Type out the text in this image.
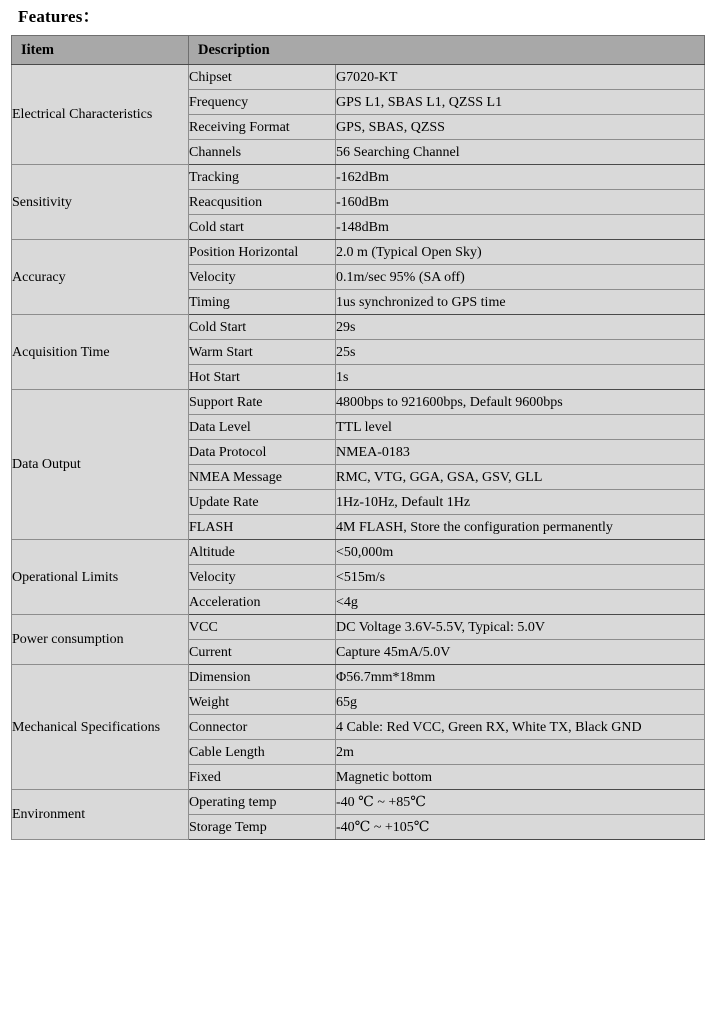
Features：
Iitem	Description	
Electrical Characteristics	Chipset	G7020-KT
	Frequency	GPS L1, SBAS L1, QZSS L1
	Receiving Format	GPS, SBAS, QZSS
	Channels	56 Searching Channel
Sensitivity	Tracking	-162dBm
	Reacqusition	-160dBm
	Cold start	-148dBm
Accuracy	Position Horizontal	2.0 m (Typical Open Sky)
	Velocity	0.1m/sec 95% (SA off)
	Timing	1us synchronized to GPS time
Acquisition Time	Cold Start	29s
	Warm Start	25s
	Hot Start	1s
Data Output	Support Rate	4800bps to 921600bps, Default 9600bps
	Data Level	TTL level
	Data Protocol	NMEA-0183
	NMEA Message	RMC, VTG, GGA, GSA, GSV, GLL
	Update Rate	1Hz-10Hz, Default 1Hz
	FLASH	4M FLASH, Store the configuration permanently
Operational Limits	Altitude	<50,000m
	Velocity	<515m/s
	Acceleration	<4g
Power consumption	VCC	DC Voltage 3.6V-5.5V, Typical: 5.0V
	Current	Capture 45mA/5.0V
Mechanical Specifications	Dimension	Φ56.7mm*18mm
	Weight	65g
	Connector	4 Cable: Red VCC, Green RX, White TX, Black GND
	Cable Length	2m
	Fixed	Magnetic bottom
Environment	Operating temp	-40 ℃ ~ +85℃
	Storage Temp	-40℃ ~ +105℃
